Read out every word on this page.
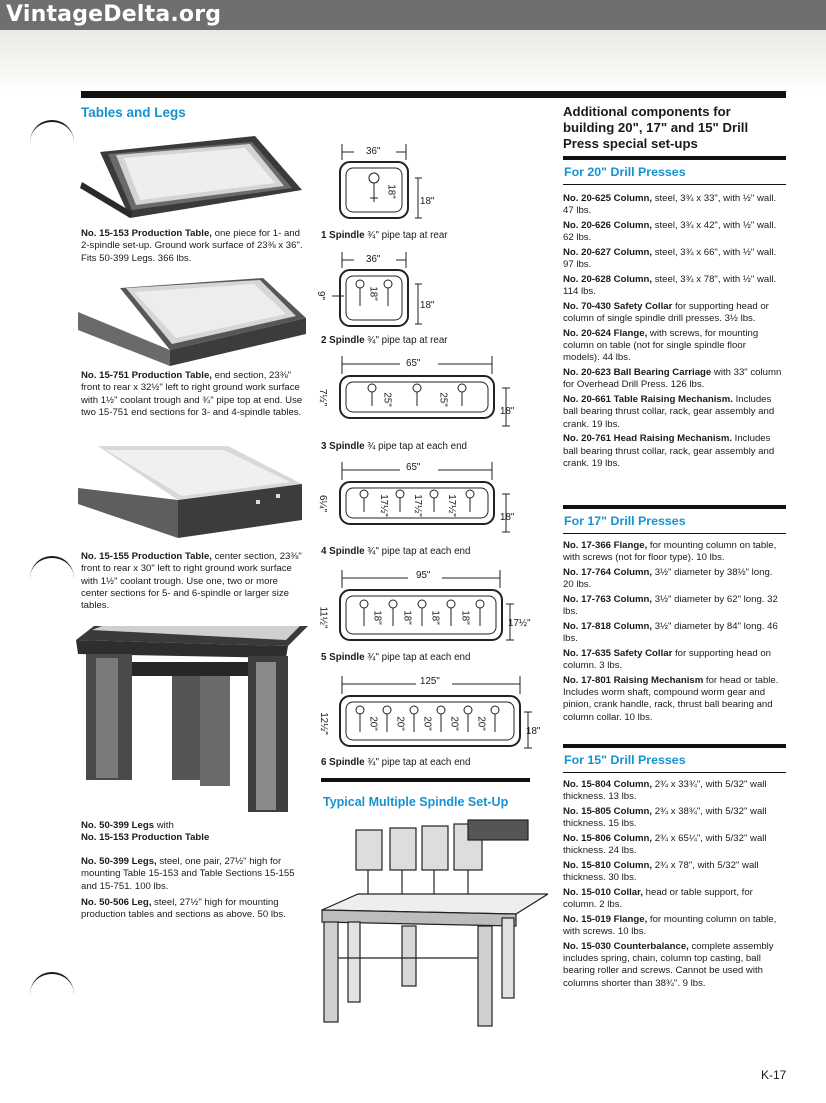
VintageDelta.org
Tables and Legs
No. 15-153 Production Table, one piece for 1- and 2-spindle set-up. Ground work surface of 23⅜ x 36". Fits 50-399 Legs. 366 lbs.
No. 15-751 Production Table, end section, 23⅜" front to rear x 32½" left to right ground work surface with 1½" coolant trough and ¾" pipe top at end. Use two 15-751 end sections for 3- and 4-spindle tables.
No. 15-155 Production Table, center section, 23⅜" front to rear x 30" left to right ground work surface with 1½" coolant trough. Use one, two or more center sections for 5- and 6-spindle or larger size tables.
No. 50-399 Legs with
No. 15-153 Production Table
No. 50-399 Legs, steel, one pair, 27½" high for mounting Table 15-153 and Table Sections 15-155 and 15-751. 100 lbs.
No. 50-506 Leg, steel, 27½" high for mounting production tables and sections as above. 50 lbs.
36"
18"
18"
1 Spindle ¾" pipe tap at rear
36"
9"	18"
18"
2 Spindle ¾" pipe tap at rear
65"
7½"	25"	25"
18"
3 Spindle ¾ pipe tap at each end
65"
6¼"	17½" 17½" 17½"
18"
4 Spindle ¾" pipe tap at each end
95"
11½"	18" 18" 18" 18"	17½"
5 Spindle ¾" pipe tap at each end
125"
12½"	20" 20" 20" 20" 20"
18"
6 Spindle ¾" pipe tap at each end
Typical Multiple Spindle Set-Up
Additional components for building 20", 17" and 15" Drill Press special set-ups
For 20" Drill Presses
No. 20-625 Column, steel, 3¾ x 33", with ½" wall. 47 lbs.
No. 20-626 Column, steel, 3¾ x 42", with ½" wall. 62 lbs.
No. 20-627 Column, steel, 3¾ x 66", with ½" wall. 97 lbs.
No. 20-628 Column, steel, 3¾ x 78", with ½" wall. 114 lbs.
No. 70-430 Safety Collar for supporting head or column of single spindle drill presses. 3½ lbs.
No. 20-624 Flange, with screws, for mounting column on table (not for single spindle floor models). 44 lbs.
No. 20-623 Ball Bearing Carriage with 33" column for Overhead Drill Press. 126 lbs.
No. 20-661 Table Raising Mechanism. Includes ball bearing thrust collar, rack, gear assembly and crank. 19 lbs.
No. 20-761 Head Raising Mechanism. Includes ball bearing thrust collar, rack, gear assembly and crank. 19 lbs.
For 17" Drill Presses
No. 17-366 Flange, for mounting column on table, with screws (not for floor type). 10 lbs.
No. 17-764 Column, 3½" diameter by 38½" long. 20 lbs.
No. 17-763 Column, 3½" diameter by 62" long. 32 lbs.
No. 17-818 Column, 3½" diameter by 84" long. 46 lbs.
No. 17-635 Safety Collar for supporting head on column. 3 lbs.
No. 17-801 Raising Mechanism for head or table. Includes worm shaft, compound worm gear and pinion, crank handle, rack, thrust ball bearing and column collar. 10 lbs.
For 15" Drill Presses
No. 15-804 Column, 2¾ x 33¾", with 5/32" wall thickness. 13 lbs.
No. 15-805 Column, 2¾ x 38¾", with 5/32" wall thickness. 15 lbs.
No. 15-806 Column, 2¾ x 65¼", with 5/32" wall thickness. 24 lbs.
No. 15-810 Column, 2¾ x 78", with 5/32" wall thickness. 30 lbs.
No. 15-010 Collar, head or table support, for column. 2 lbs.
No. 15-019 Flange, for mounting column on table, with screws. 10 lbs.
No. 15-030 Counterbalance, complete assembly includes spring, chain, column top casting, ball bearing roller and screws. Cannot be used with columns shorter than 38¾". 9 lbs.
K-17
